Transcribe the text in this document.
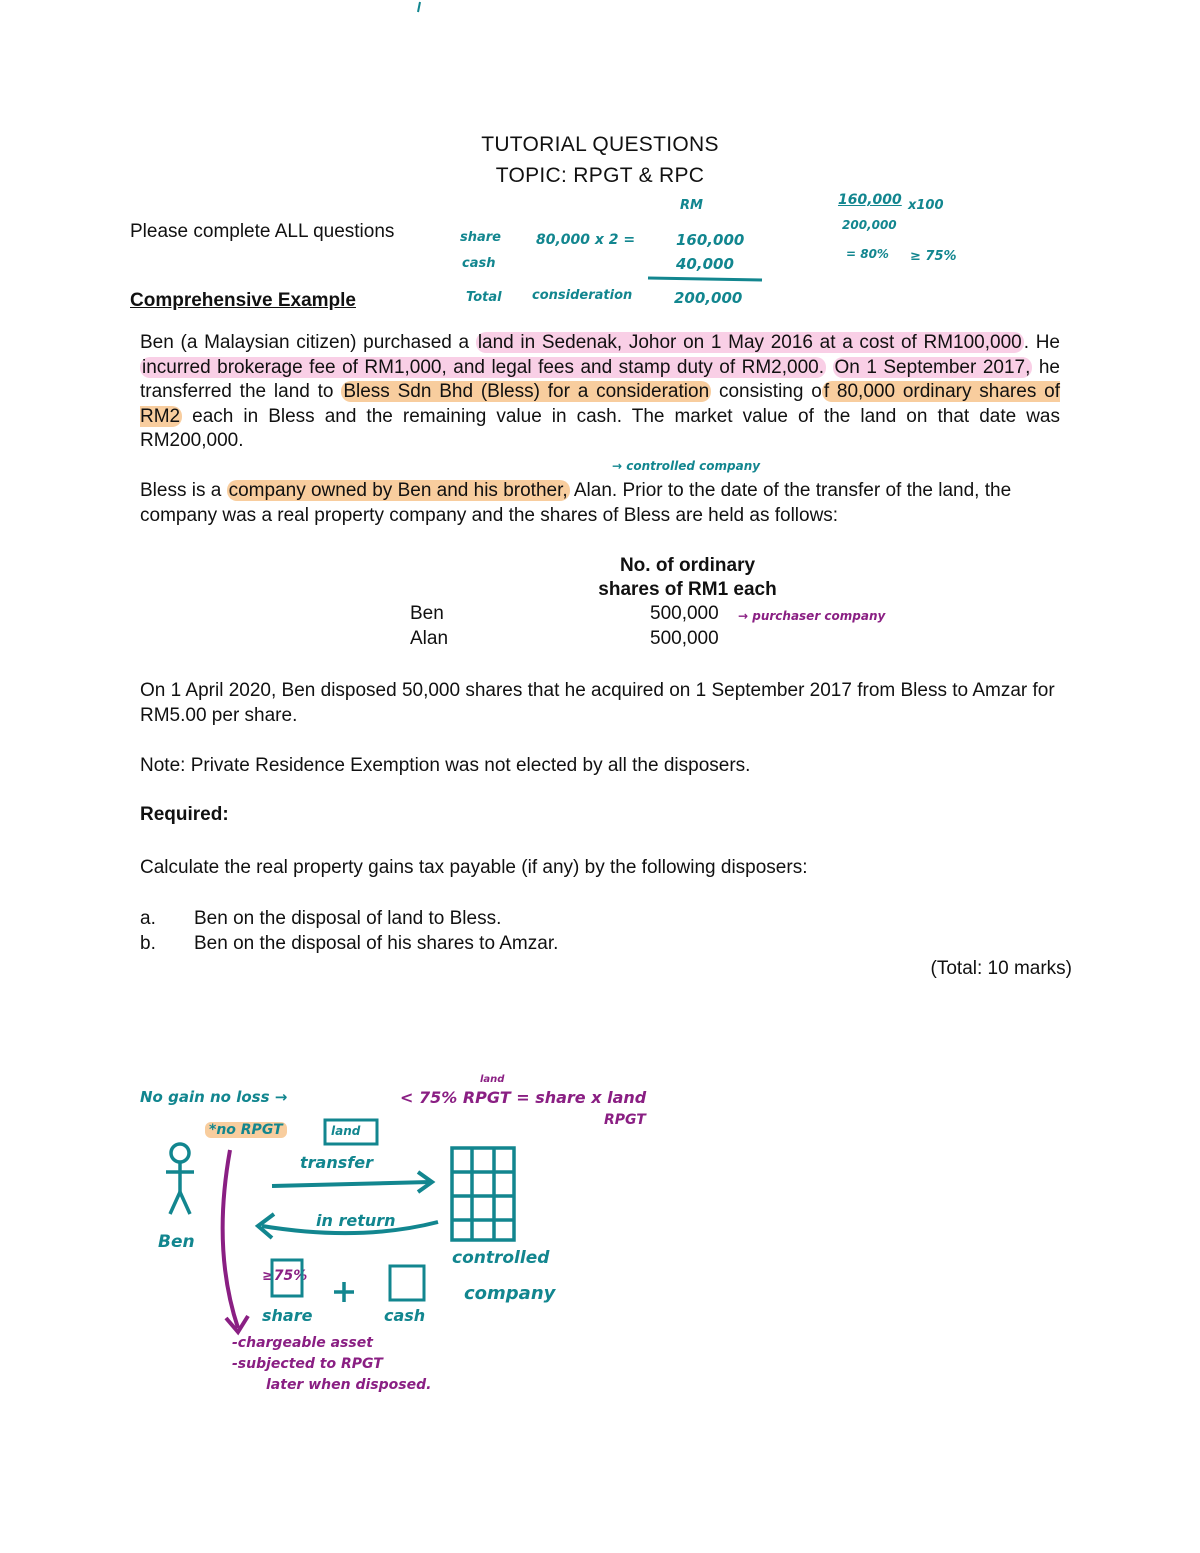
TUTORIAL QUESTIONS
TOPIC: RPGT & RPC
Please complete ALL questions
Comprehensive Example

Ben (a Malaysian citizen) purchased a land in Sedenak, Johor on 1 May 2016 at a cost of RM100,000 . He incurred brokerage fee of RM1,000, and legal fees and stamp duty of RM2,000. On 1 September 2017, he transferred the land to Bless Sdn Bhd (Bless) for a consideration consisting o f 80,000 ordinary shares of RM2 each in Bless and the remaining value in cash. The market value of the land on that date was RM200,000.

Bless is a company owned by Ben and his brother, Alan. Prior to the date of the transfer of the land, the company was a real property company and the shares of Bless are held as follows:

No. of ordinary
shares of RM1 each
Ben	500,000
Alan	500,000

On 1 April 2020, Ben disposed 50,000 shares that he acquired on 1 September 2017 from Bless to Amzar for RM5.00 per share.

Note: Private Residence Exemption was not elected by all the disposers.

Required:

Calculate the real property gains tax payable (if any) by the following disposers:

a. Ben on the disposal of land to Bless.
b. Ben on the disposal of his shares to Amzar.
(Total: 10 marks)
share
cash
80,000 x 2 =
RM
160,000
40,000
Total consideration	200,000
160,000 x100
200,000
= 80% ≥ 75%
→ controlled company
→ purchaser company
No gain no loss →
*no RPGT	land
transfer
in return
Ben
≥75%
share	cash
controlled
company
< 75% RPGT = share x land
land
RPGT
-chargeable asset
-subjected to RPGT
later when disposed.
